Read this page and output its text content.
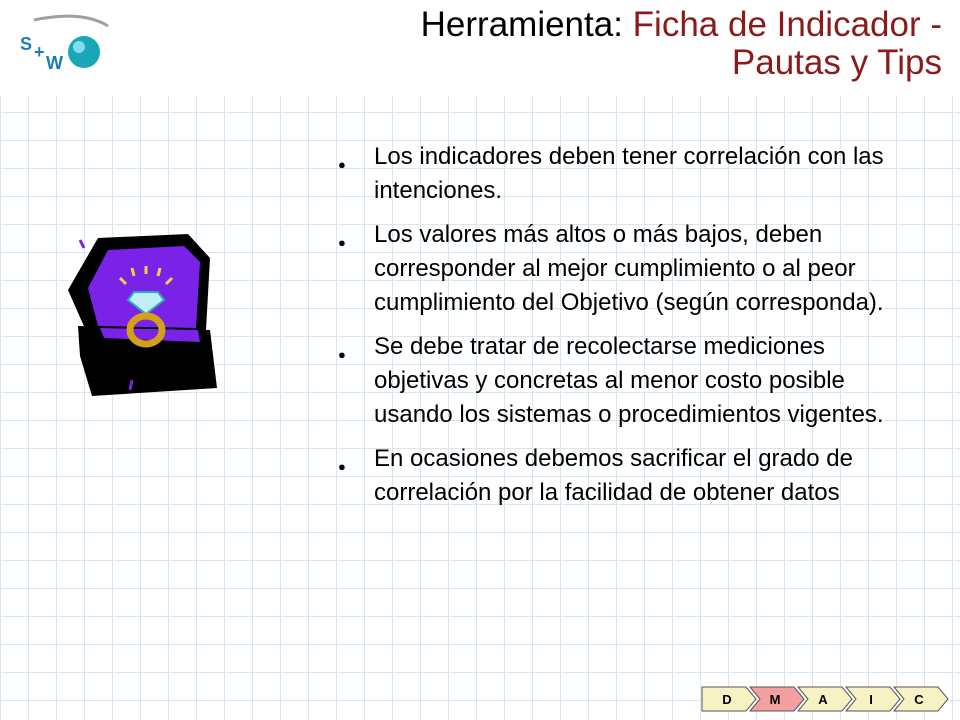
S +
W
Herramienta: Ficha de Indicador -
Pautas y Tips
● Los indicadores deben tener correlación con las intenciones.
● Los valores más altos o más bajos, deben corresponder al mejor cumplimiento o al peor cumplimiento del Objetivo (según corresponda).
● Se debe tratar de recolectarse mediciones objetivas y concretas al menor costo posible usando los sistemas o procedimientos vigentes.
● En ocasiones debemos sacrificar el grado de correlación por la facilidad de obtener datos
D	M	A	I	C
